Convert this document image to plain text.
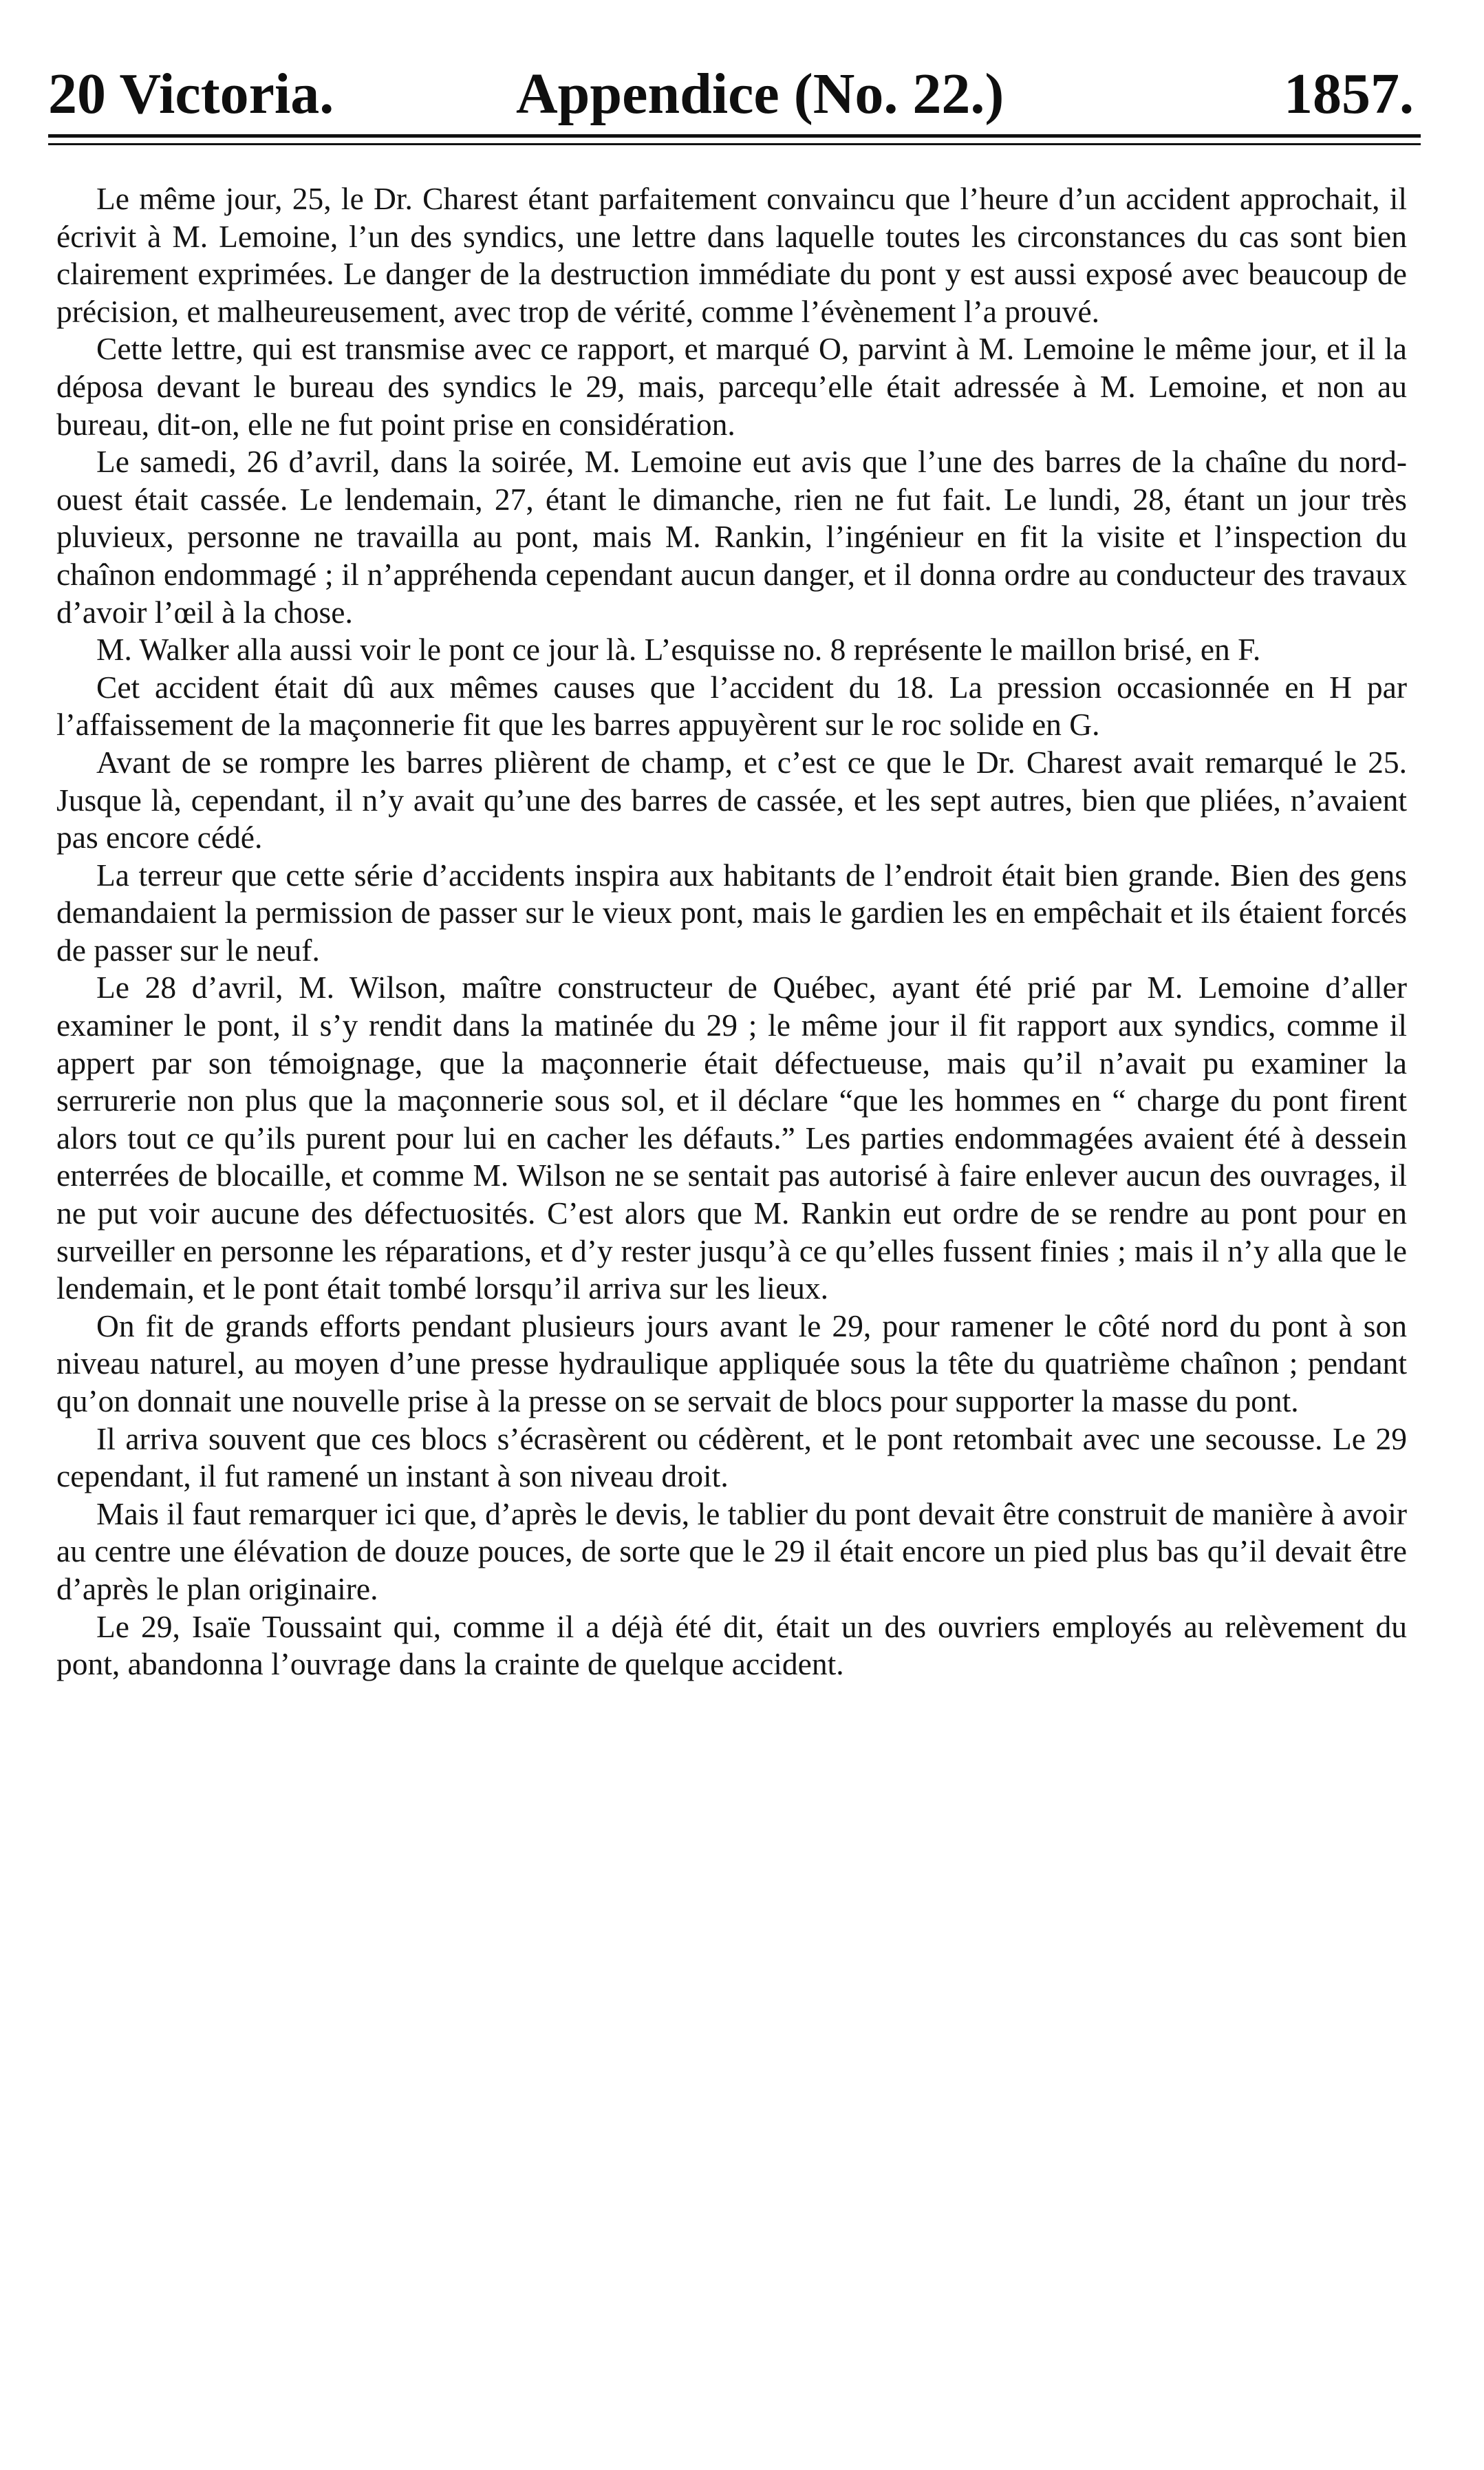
20 Victoria.	Appendice (No. 22.)	1857.

Le même jour, 25, le Dr. Charest étant parfaitement convaincu que l’heure d’un accident approchait, il écrivit à M. Lemoine, l’un des syndics, une lettre dans laquelle toutes les circonstances du cas sont bien clairement exprimées. Le danger de la destruction immédiate du pont y est aussi exposé avec beaucoup de précision, et malheureusement, avec trop de vérité, comme l’évènement l’a prouvé.

Cette lettre, qui est transmise avec ce rapport, et marqué O, parvint à M. Lemoine le même jour, et il la déposa devant le bureau des syndics le 29, mais, parcequ’elle était adressée à M. Lemoine, et non au bureau, dit-on, elle ne fut point prise en considération.

Le samedi, 26 d’avril, dans la soirée, M. Lemoine eut avis que l’une des barres de la chaîne du nord-ouest était cassée. Le lendemain, 27, étant le dimanche, rien ne fut fait. Le lundi, 28, étant un jour très pluvieux, personne ne travailla au pont, mais M. Rankin, l’ingénieur en fit la visite et l’inspection du chaînon endommagé ; il n’appréhenda cependant aucun danger, et il donna ordre au conducteur des travaux d’avoir l’œil à la chose.

M. Walker alla aussi voir le pont ce jour là. L’esquisse no. 8 représente le maillon brisé, en F.

Cet accident était dû aux mêmes causes que l’accident du 18. La pression occasionnée en H par l’affaissement de la maçonnerie fit que les barres appuyèrent sur le roc solide en G.

Avant de se rompre les barres plièrent de champ, et c’est ce que le Dr. Charest avait remarqué le 25. Jusque là, cependant, il n’y avait qu’une des barres de cassée, et les sept autres, bien que pliées, n’avaient pas encore cédé.

La terreur que cette série d’accidents inspira aux habitants de l’endroit était bien grande. Bien des gens demandaient la permission de passer sur le vieux pont, mais le gardien les en empêchait et ils étaient forcés de passer sur le neuf.

Le 28 d’avril, M. Wilson, maître constructeur de Québec, ayant été prié par M. Lemoine d’aller examiner le pont, il s’y rendit dans la matinée du 29 ; le même jour il fit rapport aux syndics, comme il appert par son témoignage, que la maçonnerie était défectueuse, mais qu’il n’avait pu examiner la serrurerie non plus que la maçonnerie sous sol, et il déclare “que les hommes en “ charge du pont firent alors tout ce qu’ils purent pour lui en cacher les défauts.” Les parties endommagées avaient été à dessein enterrées de blocaille, et comme M. Wilson ne se sentait pas autorisé à faire enlever aucun des ouvrages, il ne put voir aucune des défectuosités. C’est alors que M. Rankin eut ordre de se rendre au pont pour en surveiller en personne les réparations, et d’y rester jusqu’à ce qu’elles fussent finies ; mais il n’y alla que le lendemain, et le pont était tombé lorsqu’il arriva sur les lieux.

On fit de grands efforts pendant plusieurs jours avant le 29, pour ramener le côté nord du pont à son niveau naturel, au moyen d’une presse hydraulique appliquée sous la tête du quatrième chaînon ; pendant qu’on donnait une nouvelle prise à la presse on se servait de blocs pour supporter la masse du pont.

Il arriva souvent que ces blocs s’écrasèrent ou cédèrent, et le pont retombait avec une secousse. Le 29 cependant, il fut ramené un instant à son niveau droit.

Mais il faut remarquer ici que, d’après le devis, le tablier du pont devait être construit de manière à avoir au centre une élévation de douze pouces, de sorte que le 29 il était encore un pied plus bas qu’il devait être d’après le plan originaire.

Le 29, Isaïe Toussaint qui, comme il a déjà été dit, était un des ouvriers employés au relèvement du pont, abandonna l’ouvrage dans la crainte de quelque accident.
